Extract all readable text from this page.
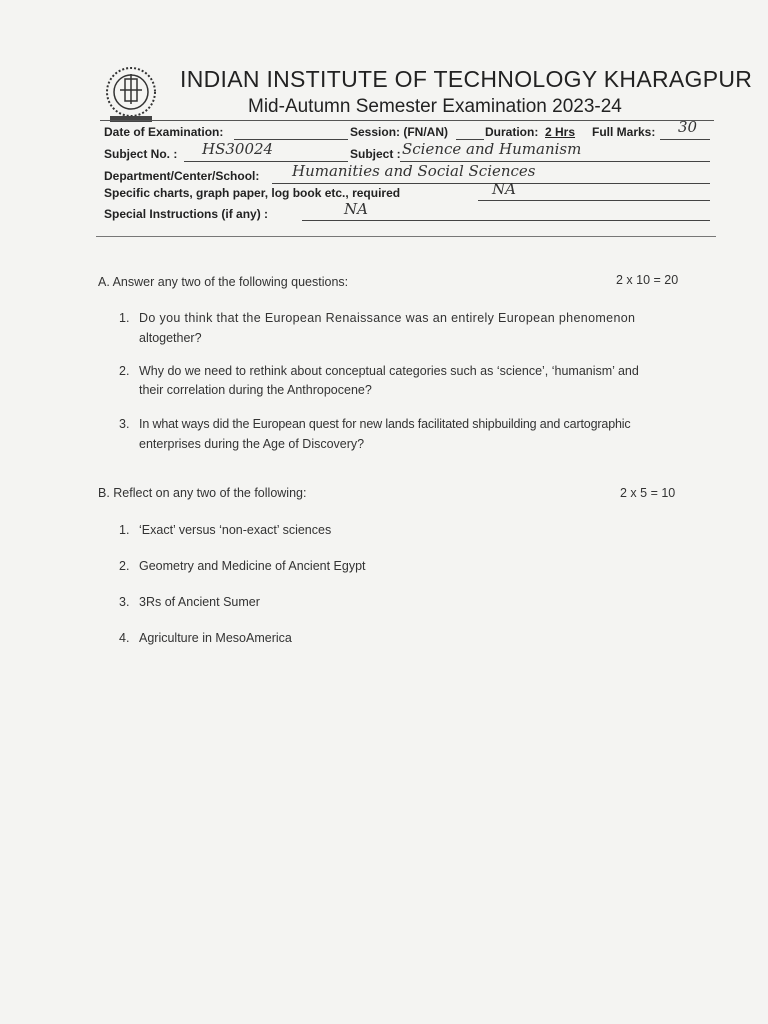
INDIAN INSTITUTE OF TECHNOLOGY KHARAGPUR
Mid-Autumn Semester Examination 2023-24
Date of Examination:	Session: (FN/AN)	Duration: 2 Hrs Full Marks: 30
Subject No. : HS30024	Subject : Science and Humanism
Department/Center/School: Humanities and Social Sciences
Specific charts, graph paper, log book etc., required	NA
Special Instructions (if any) :	NA
A. Answer any two of the following questions:	2 x 10 = 20
1. Do you think that the European Renaissance was an entirely European phenomenon
altogether?
2. Why do we need to rethink about conceptual categories such as ‘science’, ‘humanism’ and
their correlation during the Anthropocene?
3. In what ways did the European quest for new lands facilitated shipbuilding and cartographic
enterprises during the Age of Discovery?
B. Reflect on any two of the following:	2 x 5 = 10
1. ‘Exact’ versus ‘non-exact’ sciences
2. Geometry and Medicine of Ancient Egypt
3. 3Rs of Ancient Sumer
4. Agriculture in MesoAmerica
